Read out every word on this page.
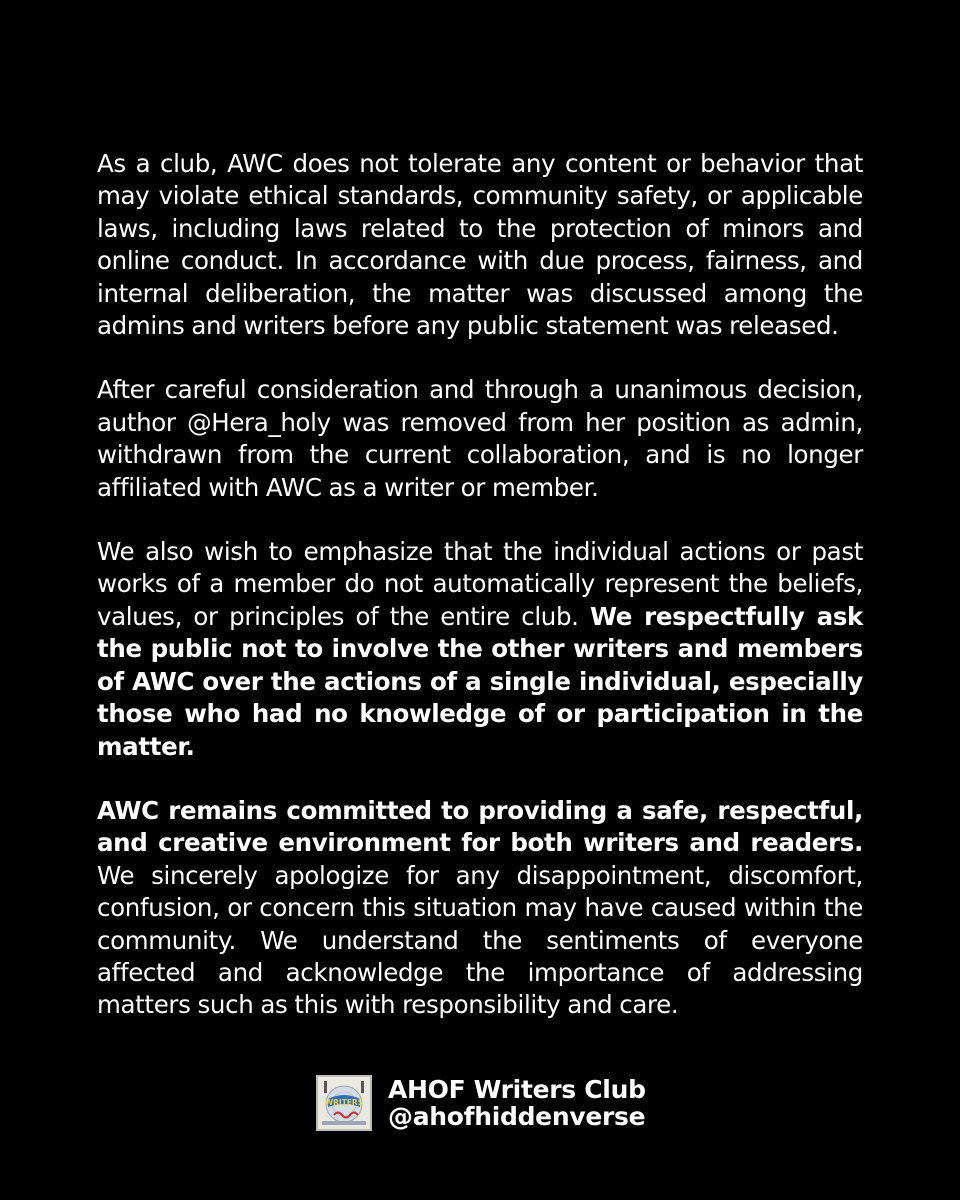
As a club, AWC does not tolerate any content or behavior that may violate ethical standards, community safety, or applicable laws, including laws related to the protection of minors and online conduct. In accordance with due process, fairness, and internal deliberation, the matter was discussed among the admins and writers before any public statement was released.

After careful consideration and through a unanimous decision, author @Hera_holy was removed from her position as admin, withdrawn from the current collaboration, and is no longer affiliated with AWC as a writer or member.

We also wish to emphasize that the individual actions or past works of a member do not automatically represent the beliefs, values, or principles of the entire club. We respectfully ask the public not to involve the other writers and members of AWC over the actions of a single individual, especially those who had no knowledge of or participation in the matter.

AWC remains committed to providing a safe, respectful, and creative environment for both writers and readers. We sincerely apologize for any disappointment, discomfort, confusion, or concern this situation may have caused within the community. We understand the sentiments of everyone affected and acknowledge the importance of addressing matters such as this with responsibility and care.

WRITERS AHOF Writers Club
@ahofhiddenverse
